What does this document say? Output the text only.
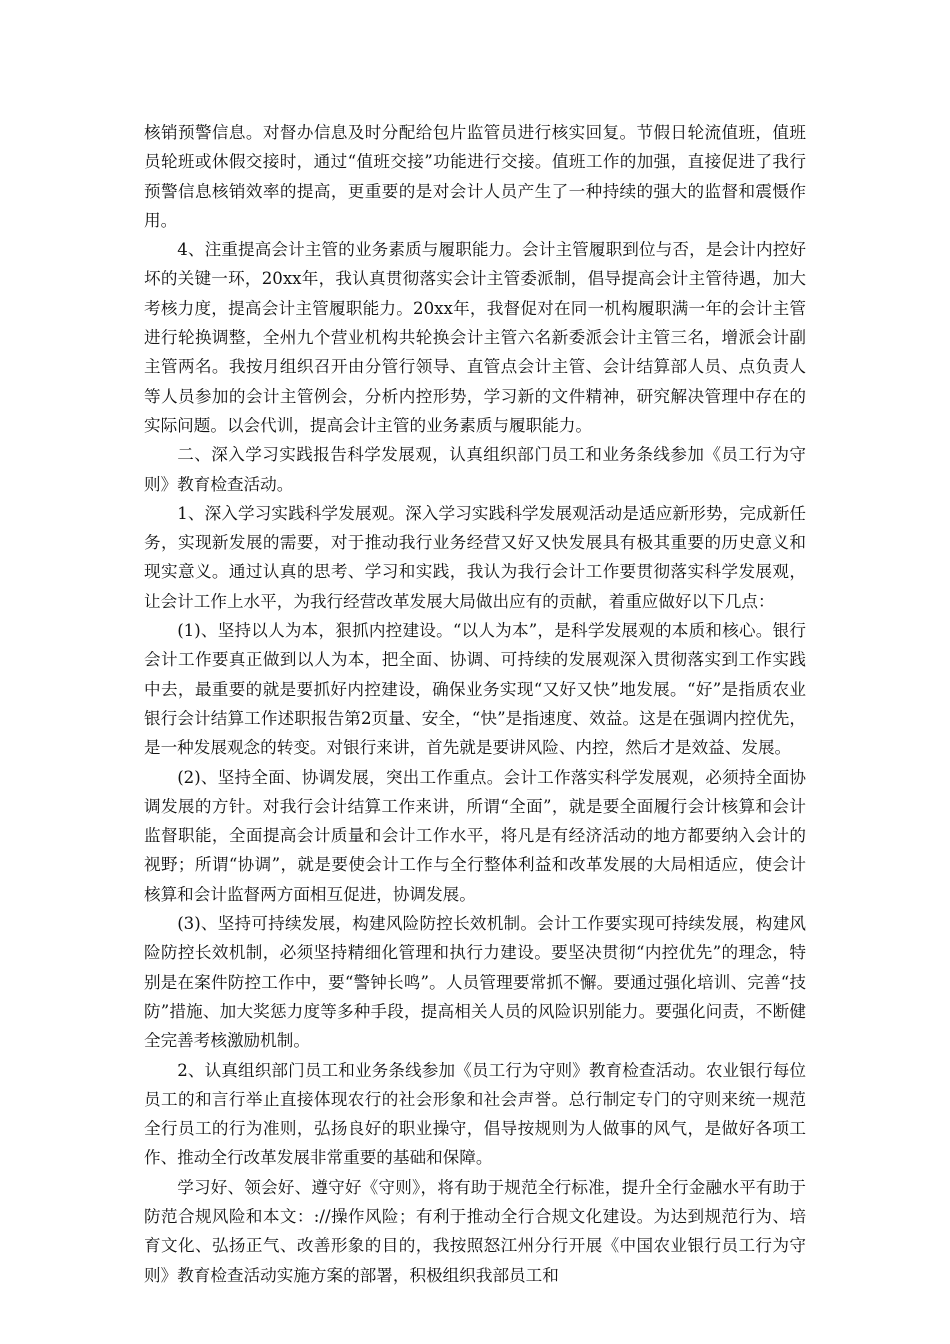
核销预警信息。对督办信息及时分配给包片监管员进行核实回复。节假日轮流值班，值班员轮班或休假交接时，通过“值班交接”功能进行交接。值班工作的加强，直接促进了我行预警信息核销效率的提高，更重要的是对会计人员产生了一种持续的强大的监督和震慑作用。

4、注重提高会计主管的业务素质与履职能力。会计主管履职到位与否，是会计内控好坏的关键一环，20xx年，我认真贯彻落实会计主管委派制，倡导提高会计主管待遇，加大考核力度，提高会计主管履职能力。20xx年，我督促对在同一机构履职满一年的会计主管进行轮换调整，全州九个营业机构共轮换会计主管六名新委派会计主管三名，增派会计副主管两名。我按月组织召开由分管行领导、直管点会计主管、会计结算部人员、点负责人等人员参加的会计主管例会，分析内控形势，学习新的文件精神，研究解决管理中存在的实际问题。以会代训，提高会计主管的业务素质与履职能力。

二、深入学习实践报告科学发展观，认真组织部门员工和业务条线参加《员工行为守则》教育检查活动。

1、深入学习实践科学发展观。深入学习实践科学发展观活动是适应新形势，完成新任务，实现新发展的需要，对于推动我行业务经营又好又快发展具有极其重要的历史意义和现实意义。通过认真的思考、学习和实践，我认为我行会计工作要贯彻落实科学发展观，让会计工作上水平，为我行经营改革发展大局做出应有的贡献，着重应做好以下几点：

(1)、坚持以人为本，狠抓内控建设。“以人为本”，是科学发展观的本质和核心。银行会计工作要真正做到以人为本，把全面、协调、可持续的发展观深入贯彻落实到工作实践中去，最重要的就是要抓好内控建设，确保业务实现“又好又快”地发展。“好”是指质农业银行会计结算工作述职报告第2页量、安全，“快”是指速度、效益。这是在强调内控优先，是一种发展观念的转变。对银行来讲，首先就是要讲风险、内控，然后才是效益、发展。

(2)、坚持全面、协调发展，突出工作重点。会计工作落实科学发展观，必须持全面协调发展的方针。对我行会计结算工作来讲，所谓“全面”，就是要全面履行会计核算和会计监督职能，全面提高会计质量和会计工作水平，将凡是有经济活动的地方都要纳入会计的视野；所谓“协调”，就是要使会计工作与全行整体利益和改革发展的大局相适应，使会计核算和会计监督两方面相互促进，协调发展。

(3)、坚持可持续发展，构建风险防控长效机制。会计工作要实现可持续发展，构建风险防控长效机制，必须坚持精细化管理和执行力建设。要坚决贯彻“内控优先”的理念，特别是在案件防控工作中，要“警钟长鸣”。人员管理要常抓不懈。要通过强化培训、完善“技防”措施、加大奖惩力度等多种手段，提高相关人员的风险识别能力。要强化问责，不断健全完善考核激励机制。

2、认真组织部门员工和业务条线参加《员工行为守则》教育检查活动。农业银行每位员工的和言行举止直接体现农行的社会形象和社会声誉。总行制定专门的守则来统一规范全行员工的行为准则，弘扬良好的职业操守，倡导按规则为人做事的风气，是做好各项工作、推动全行改革发展非常重要的基础和保障。

学习好、领会好、遵守好《守则》，将有助于规范全行标准，提升全行金融水平有助于防范合规风险和本文：://操作风险；有利于推动全行合规文化建设。为达到规范行为、培育文化、弘扬正气、改善形象的目的，我按照怒江州分行开展《中国农业银行员工行为守则》教育检查活动实施方案的部署，积极组织我部员工和
